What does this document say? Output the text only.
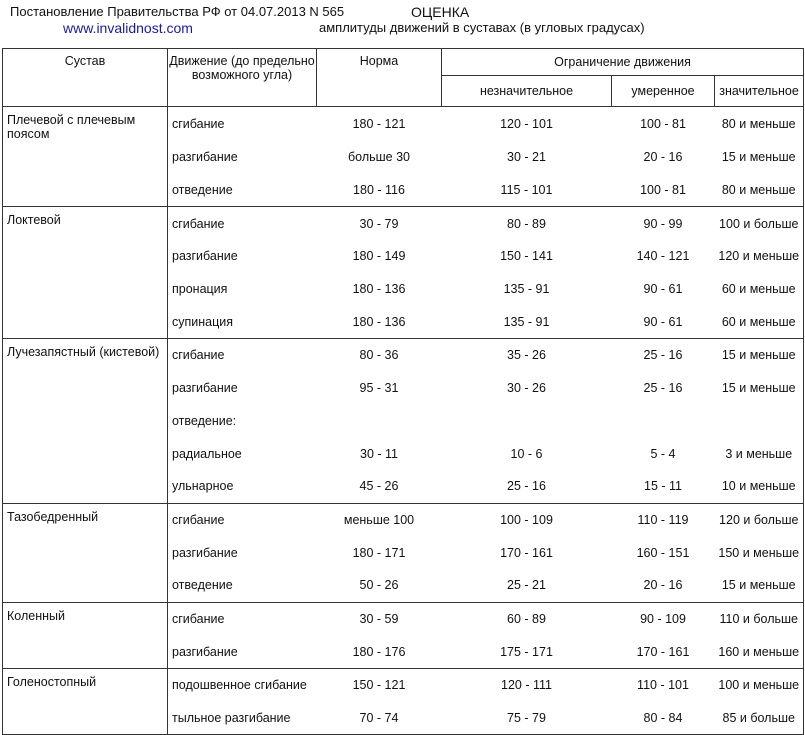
Постановление Правительства РФ от 04.07.2013 N 565
www.invalidnost.com
ОЦЕНКА
амплитуды движений в суставах (в угловых градусах)
Сустав	Движение (до предельно возможного угла)	Норма	Ограничение движения		
			незначительное	умеренное	значительное
Плечевой с плечевым поясом	сгибание	180 - 121	120 - 101	100 - 81	80 и меньше
	разгибание	больше 30	30 - 21	20 - 16	15 и меньше
	отведение	180 - 116	115 - 101	100 - 81	80 и меньше
Локтевой	сгибание	30 - 79	80 - 89	90 - 99	100 и больше
	разгибание	180 - 149	150 - 141	140 - 121	120 и меньше
	пронация	180 - 136	135 - 91	90 - 61	60 и меньше
	супинация	180 - 136	135 - 91	90 - 61	60 и меньше
Лучезапястный (кистевой)	сгибание	80 - 36	35 - 26	25 - 16	15 и меньше
	разгибание	95 - 31	30 - 26	25 - 16	15 и меньше
	отведение:				
	радиальное	30 - 11	10 - 6	5 - 4	3 и меньше
	ульнарное	45 - 26	25 - 16	15 - 11	10 и меньше
Тазобедренный	сгибание	меньше 100	100 - 109	110 - 119	120 и больше
	разгибание	180 - 171	170 - 161	160 - 151	150 и меньше
	отведение	50 - 26	25 - 21	20 - 16	15 и меньше
Коленный	сгибание	30 - 59	60 - 89	90 - 109	110 и больше
	разгибание	180 - 176	175 - 171	170 - 161	160 и меньше
Голеностопный	подошвенное сгибание	150 - 121	120 - 111	110 - 101	100 и меньше
	тыльное разгибание	70 - 74	75 - 79	80 - 84	85 и больше
